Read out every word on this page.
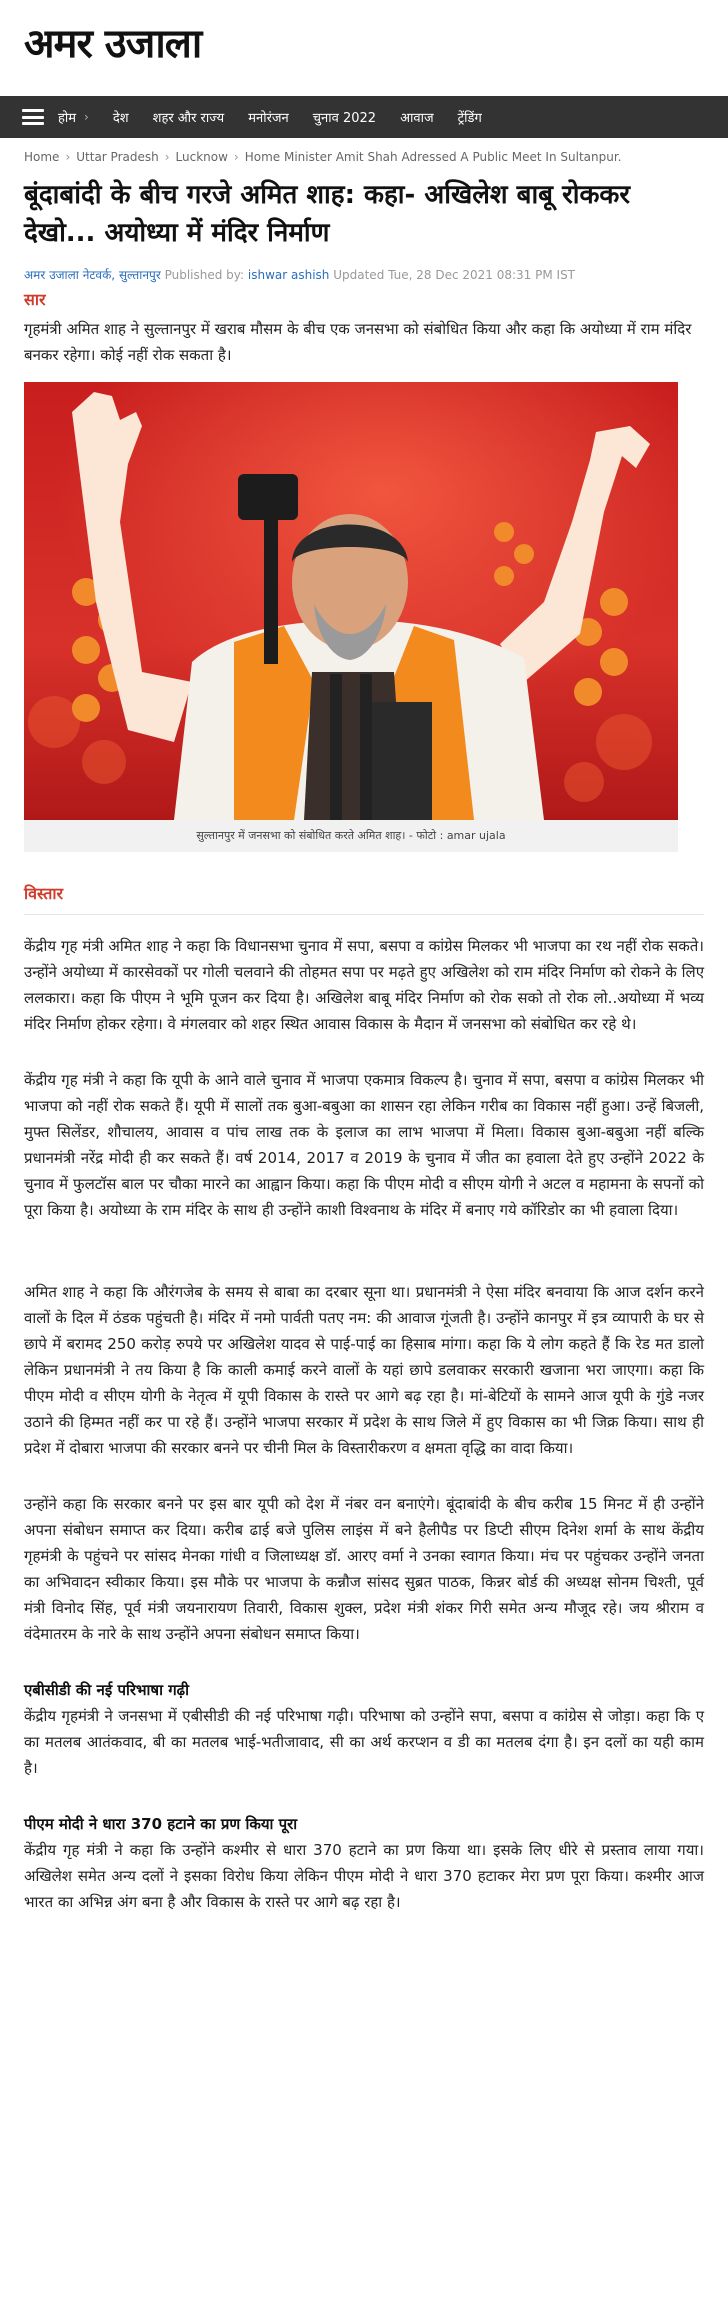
अमर उजाला
होम ›	देश	शहर और राज्य	मनोरंजन	चुनाव 2022	आवाज	ट्रेंडिंग
Home › Uttar Pradesh › Lucknow › Home Minister Amit Shah Adressed A Public Meet In Sultanpur.
बूंदाबांदी के बीच गरजे अमित शाह: कहा- अखिलेश बाबू रोककर देखो... अयोध्या में मंदिर निर्माण
अमर उजाला नेटवर्क, सुल्तानपुर Published by: ishwar ashish Updated Tue, 28 Dec 2021 08:31 PM IST
सार

गृहमंत्री अमित शाह ने सुल्तानपुर में खराब मौसम के बीच एक जनसभा को संबोधित किया और कहा कि अयोध्या में राम मंदिर बनकर रहेगा। कोई नहीं रोक सकता है।

सुल्तानपुर में जनसभा को संबोधित करते अमित शाह। - फोटो : amar ujala
विस्तार

केंद्रीय गृह मंत्री अमित शाह ने कहा कि विधानसभा चुनाव में सपा, बसपा व कांग्रेस मिलकर भी भाजपा का रथ नहीं रोक सकते। उन्होंने अयोध्या में कारसेवकों पर गोली चलवाने की तोहमत सपा पर मढ़ते हुए अखिलेश को राम मंदिर निर्माण को रोकने के लिए ललकारा। कहा कि पीएम ने भूमि पूजन कर दिया है। अखिलेश बाबू मंदिर निर्माण को रोक सको तो रोक लो..अयोध्या में भव्य मंदिर निर्माण होकर रहेगा। वे मंगलवार को शहर स्थित आवास विकास के मैदान में जनसभा को संबोधित कर रहे थे।

केंद्रीय गृह मंत्री ने कहा कि यूपी के आने वाले चुनाव में भाजपा एकमात्र विकल्प है। चुनाव में सपा, बसपा व कांग्रेस मिलकर भी भाजपा को नहीं रोक सकते हैं। यूपी में सालों तक बुआ-बबुआ का शासन रहा लेकिन गरीब का विकास नहीं हुआ। उन्हें बिजली, मुफ्त सिलेंडर, शौचालय, आवास व पांच लाख तक के इलाज का लाभ भाजपा में मिला। विकास बुआ-बबुआ नहीं बल्कि प्रधानमंत्री नरेंद्र मोदी ही कर सकते हैं। वर्ष 2014, 2017 व 2019 के चुनाव में जीत का हवाला देते हुए उन्होंने 2022 के चुनाव में फुलटॉस बाल पर चौका मारने का आह्वान किया। कहा कि पीएम मोदी व सीएम योगी ने अटल व महामना के सपनों को पूरा किया है। अयोध्या के राम मंदिर के साथ ही उन्होंने काशी विश्वनाथ के मंदिर में बनाए गये कॉरिडोर का भी हवाला दिया।

अमित शाह ने कहा कि औरंगजेब के समय से बाबा का दरबार सूना था। प्रधानमंत्री ने ऐसा मंदिर बनवाया कि आज दर्शन करने वालों के दिल में ठंडक पहुंचती है। मंदिर में नमो पार्वती पतए नम: की आवाज गूंजती है। उन्होंने कानपुर में इत्र व्यापारी के घर से छापे में बरामद 250 करोड़ रुपये पर अखिलेश यादव से पाई-पाई का हिसाब मांगा। कहा कि ये लोग कहते हैं कि रेड मत डालो लेकिन प्रधानमंत्री ने तय किया है कि काली कमाई करने वालों के यहां छापे डलवाकर सरकारी खजाना भरा जाएगा। कहा कि पीएम मोदी व सीएम योगी के नेतृत्व में यूपी विकास के रास्ते पर आगे बढ़ रहा है। मां-बेटियों के सामने आज यूपी के गुंडे नजर उठाने की हिम्मत नहीं कर पा रहे हैं। उन्होंने भाजपा सरकार में प्रदेश के साथ जिले में हुए विकास का भी जिक्र किया। साथ ही प्रदेश में दोबारा भाजपा की सरकार बनने पर चीनी मिल के विस्तारीकरण व क्षमता वृद्धि का वादा किया।

उन्होंने कहा कि सरकार बनने पर इस बार यूपी को देश में नंबर वन बनाएंगे। बूंदाबांदी के बीच करीब 15 मिनट में ही उन्होंने अपना संबोधन समाप्त कर दिया। करीब ढाई बजे पुलिस लाइंस में बने हैलीपैड पर डिप्टी सीएम दिनेश शर्मा के साथ केंद्रीय गृहमंत्री के पहुंचने पर सांसद मेनका गांधी व जिलाध्यक्ष डॉ. आरए वर्मा ने उनका स्वागत किया। मंच पर पहुंचकर उन्होंने जनता का अभिवादन स्वीकार किया। इस मौके पर भाजपा के कन्नौज सांसद सुब्रत पाठक, किन्नर बोर्ड की अध्यक्ष सोनम चिश्ती, पूर्व मंत्री विनोद सिंह, पूर्व मंत्री जयनारायण तिवारी, विकास शुक्ल, प्रदेश मंत्री शंकर गिरी समेत अन्य मौजूद रहे। जय श्रीराम व वंदेमातरम के नारे के साथ उन्होंने अपना संबोधन समाप्त किया।

एबीसीडी की नई परिभाषा गढ़ी

केंद्रीय गृहमंत्री ने जनसभा में एबीसीडी की नई परिभाषा गढ़ी। परिभाषा को उन्होंने सपा, बसपा व कांग्रेस से जोड़ा। कहा कि ए का मतलब आतंकवाद, बी का मतलब भाई-भतीजावाद, सी का अर्थ करप्शन व डी का मतलब दंगा है। इन दलों का यही काम है।

पीएम मोदी ने धारा 370 हटाने का प्रण किया पूरा

केंद्रीय गृह मंत्री ने कहा कि उन्होंने कश्मीर से धारा 370 हटाने का प्रण किया था। इसके लिए धीरे से प्रस्ताव लाया गया। अखिलेश समेत अन्य दलों ने इसका विरोध किया लेकिन पीएम मोदी ने धारा 370 हटाकर मेरा प्रण पूरा किया। कश्मीर आज भारत का अभिन्न अंग बना है और विकास के रास्ते पर आगे बढ़ रहा है।
